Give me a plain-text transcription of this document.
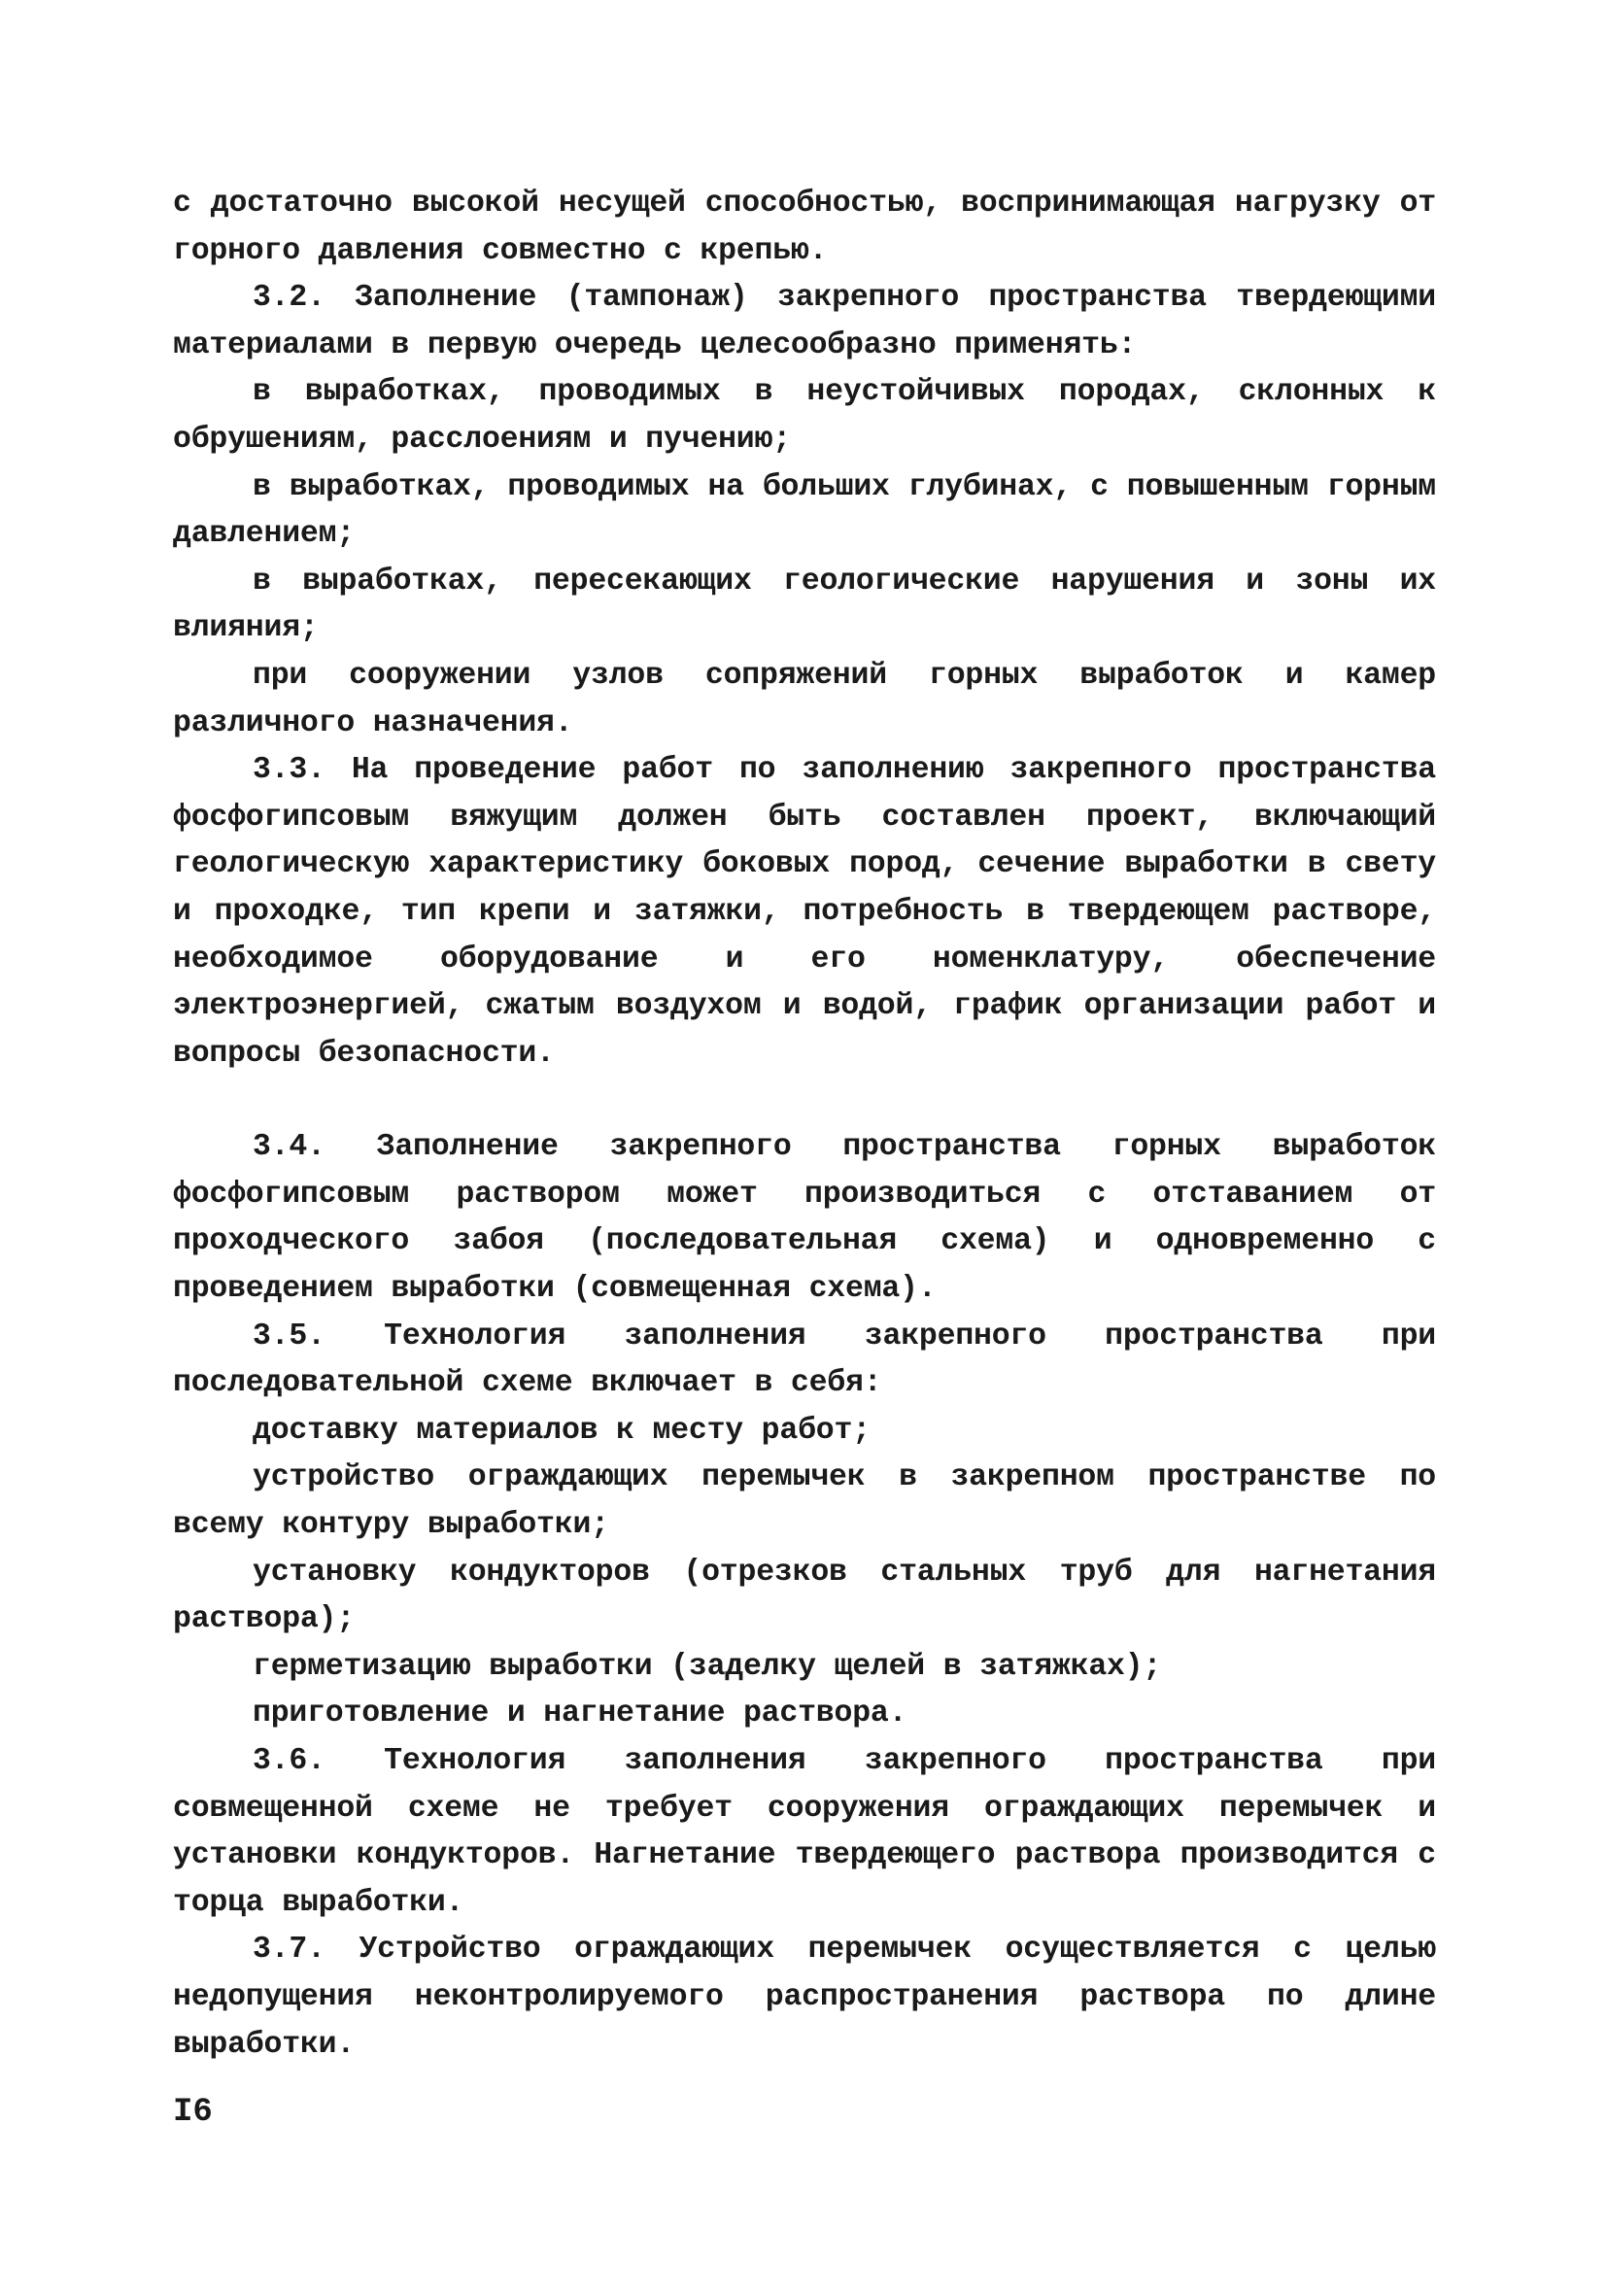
с достаточно высокой несущей способностью, воспринимающая нагрузку от горного давления совместно с крепью.

3.2. Заполнение (тампонаж) закрепного пространства твердеющими материалами в первую очередь целесообразно применять:

в выработках, проводимых в неустойчивых породах, склонных к обрушениям, расслоениям и пучению;

в выработках, проводимых на больших глубинах, с повышенным горным давлением;

в выработках, пересекающих геологические нарушения и зоны их влияния;

при сооружении узлов сопряжений горных выработок и камер различного назначения.

3.3. На проведение работ по заполнению закрепного пространства фосфогипсовым вяжущим должен быть составлен проект, включающий геологическую характеристику боковых пород, сечение выработки в свету и проходке, тип крепи и затяжки, потребность в твердеющем растворе, необходимое оборудование и его номенклатуру, обеспечение электроэнергией, сжатым воздухом и водой, график организации работ и вопросы безопасности.

3.4. Заполнение закрепного пространства горных выработок фосфогипсовым раствором может производиться с отставанием от проходческого забоя (последовательная схема) и одновременно с проведением выработки (совмещенная схема).

3.5. Технология заполнения закрепного пространства при последовательной схеме включает в себя:

доставку материалов к месту работ;

устройство ограждающих перемычек в закрепном пространстве по всему контуру выработки;

установку кондукторов (отрезков стальных труб для нагнетания раствора);

герметизацию выработки (заделку щелей в затяжках);

приготовление и нагнетание раствора.

3.6. Технология заполнения закрепного пространства при совмещенной схеме не требует сооружения ограждающих перемычек и установки кондукторов. Нагнетание твердеющего раствора производится с торца выработки.

3.7. Устройство ограждающих перемычек осуществляется с целью недопущения неконтролируемого распространения раствора по длине выработки.

I6
